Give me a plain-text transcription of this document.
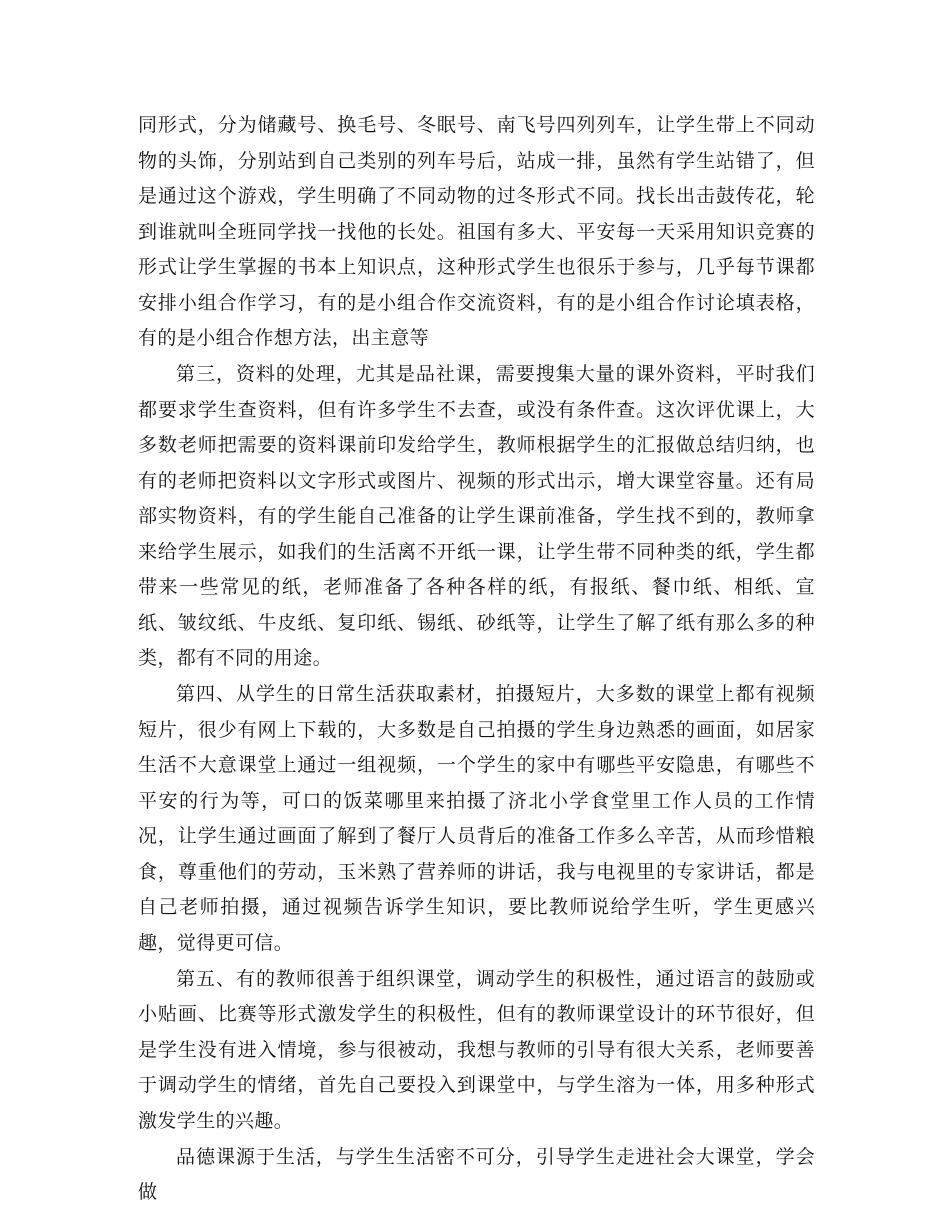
同形式，分为储藏号、换毛号、冬眠号、南飞号四列列车，让学生带上不同动物的头饰，分别站到自己类别的列车号后，站成一排，虽然有学生站错了，但是通过这个游戏，学生明确了不同动物的过冬形式不同。找长出击鼓传花，轮到谁就叫全班同学找一找他的长处。祖国有多大、平安每一天采用知识竞赛的形式让学生掌握的书本上知识点，这种形式学生也很乐于参与，几乎每节课都安排小组合作学习，有的是小组合作交流资料，有的是小组合作讨论填表格，有的是小组合作想方法，出主意等

第三，资料的处理，尤其是品社课，需要搜集大量的课外资料，平时我们都要求学生查资料，但有许多学生不去查，或没有条件查。这次评优课上，大多数老师把需要的资料课前印发给学生，教师根据学生的汇报做总结归纳，也有的老师把资料以文字形式或图片、视频的形式出示，增大课堂容量。还有局部实物资料，有的学生能自己准备的让学生课前准备，学生找不到的，教师拿来给学生展示，如我们的生活离不开纸一课，让学生带不同种类的纸，学生都带来一些常见的纸，老师准备了各种各样的纸，有报纸、餐巾纸、相纸、宣纸、皱纹纸、牛皮纸、复印纸、锡纸、砂纸等，让学生了解了纸有那么多的种类，都有不同的用途。

第四、从学生的日常生活获取素材，拍摄短片，大多数的课堂上都有视频短片，很少有网上下载的，大多数是自己拍摄的学生身边熟悉的画面，如居家生活不大意课堂上通过一组视频，一个学生的家中有哪些平安隐患，有哪些不平安的行为等，可口的饭菜哪里来拍摄了济北小学食堂里工作人员的工作情况，让学生通过画面了解到了餐厅人员背后的准备工作多么辛苦，从而珍惜粮食，尊重他们的劳动，玉米熟了营养师的讲话，我与电视里的专家讲话，都是自己老师拍摄，通过视频告诉学生知识，要比教师说给学生听，学生更感兴趣，觉得更可信。

第五、有的教师很善于组织课堂，调动学生的积极性，通过语言的鼓励或小贴画、比赛等形式激发学生的积极性，但有的教师课堂设计的环节很好，但是学生没有进入情境，参与很被动，我想与教师的引导有很大关系，老师要善于调动学生的情绪，首先自己要投入到课堂中，与学生溶为一体，用多种形式激发学生的兴趣。

品德课源于生活，与学生生活密不可分，引导学生走进社会大课堂，学会做
